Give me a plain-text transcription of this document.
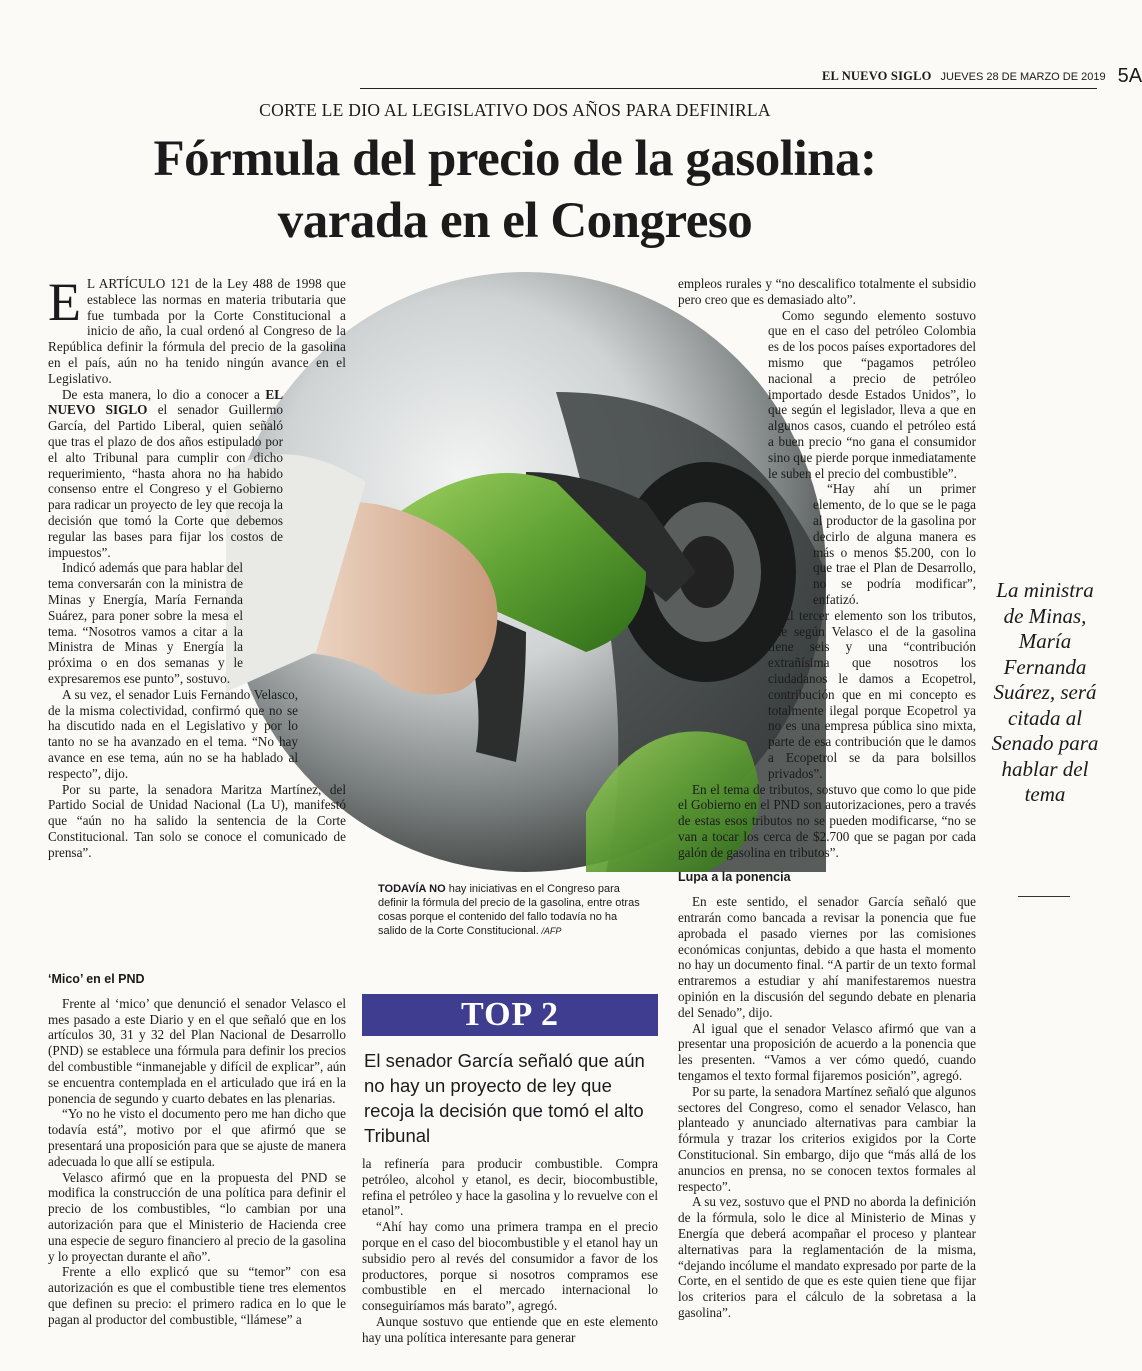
EL NUEVO SIGLO JUEVES 28 DE MARZO DE 2019 5A
CORTE LE DIO AL LEGISLATIVO DOS AÑOS PARA DEFINIRLA
Fórmula del precio de la gasolina:
varada en el Congreso
E L ARTÍCULO 121 de la Ley 488 de 1998 que establece las normas en materia tributaria que fue tumbada por la Corte Constitucional a inicio de año, la cual ordenó al Congreso de la República definir la fórmula del precio de la gasolina en el país, aún no ha tenido ningún avance en el Legislativo.

De esta manera, lo dio a conocer a EL NUEVO SIGLO el senador Guillermo García, del Partido Liberal, quien señaló que tras el plazo de dos años estipulado por el alto Tribunal para cumplir con dicho requerimiento, “hasta ahora no ha habido consenso entre el Congreso y el Gobierno para radicar un proyecto de ley que recoja la decisión que tomó la Corte que debemos regular las bases para fijar los costos de impuestos”.

Indicó además que para hablar del tema conversarán con la ministra de Minas y Energía, María Fernanda Suárez, para poner sobre la mesa el tema. “Nosotros vamos a citar a la Ministra de Minas y Energía la próxima o en dos semanas y le expresaremos ese punto”, sostuvo.

A su vez, el senador Luis Fernando Velasco, de la misma colectividad, confirmó que no se ha discutido nada en el Legislativo y por lo tanto no se ha avanzado en el tema. “No hay avance en ese tema, aún no se ha hablado al respecto”, dijo.

Por su parte, la senadora Maritza Martínez, del Partido Social de Unidad Nacional (La U), manifestó que “aún no ha salido la sentencia de la Corte Constitucional. Tan solo se conoce el comunicado de prensa”.

‘Mico’ en el PND

Frente al ‘mico’ que denunció el senador Velasco el mes pasado a este Diario y en el que señaló que en los artículos 30, 31 y 32 del Plan Nacional de Desarrollo (PND) se establece una fórmula para definir los precios del combustible “inmanejable y difícil de explicar”, aún se encuentra contemplada en el articulado que irá en la ponencia de segundo y cuarto debates en las plenarias.

“Yo no he visto el documento pero me han dicho que todavía está”, motivo por el que afirmó que se presentará una proposición para que se ajuste de manera adecuada lo que allí se estipula.

Velasco afirmó que en la propuesta del PND se modifica la construcción de una política para definir el precio de los combustibles, “lo cambian por una autorización para que el Ministerio de Hacienda cree una especie de seguro financiero al precio de la gasolina y lo proyectan durante el año”.

Frente a ello explicó que su “temor” con esa autorización es que el combustible tiene tres elementos que definen su precio: el primero radica en lo que le pagan al productor del combustible, “llámese” a

TODAVÍA NO hay iniciativas en el Congreso para definir la fórmula del precio de la gasolina, entre otras cosas porque el contenido del fallo todavía no ha salido de la Corte Constitucional. /AFP
TOP 2
El senador García señaló que aún no hay un proyecto de ley que recoja la decisión que tomó el alto Tribunal

la refinería para producir combustible. Compra petróleo, alcohol y etanol, es decir, biocombustible, refina el petróleo y hace la gasolina y lo revuelve con el etanol”.

“Ahí hay como una primera trampa en el precio porque en el caso del biocombustible y el etanol hay un subsidio pero al revés del consumidor a favor de los productores, porque si nosotros compramos ese combustible en el mercado internacional lo conseguiríamos más barato”, agregó.

Aunque sostuvo que entiende que en este elemento hay una política interesante para generar

empleos rurales y “no descalifico totalmente el subsidio pero creo que es demasiado alto”.

Como segundo elemento sostuvo que en el caso del petróleo Colombia es de los pocos países exportadores del mismo que “pagamos petróleo nacional a precio de petróleo importado desde Estados Unidos”, lo que según el legislador, lleva a que en algunos casos, cuando el petróleo está a buen precio “no gana el consumidor sino que pierde porque inmediatamente le suben el precio del combustible”.

“Hay ahí un primer elemento, de lo que se le paga al productor de la gasolina por decirlo de alguna manera es más o menos $5.200, con lo que trae el Plan de Desarrollo, no se podría modificar”, enfatizó.

El tercer elemento son los tributos, que según Velasco el de la gasolina tiene seis y una “contribución extrañísima que nosotros los ciudadanos le damos a Ecopetrol, contribución que en mi concepto es totalmente ilegal porque Ecopetrol ya no es una empresa pública sino mixta, parte de esa contribución que le damos a Ecopetrol se da para bolsillos privados”.

En el tema de tributos, sostuvo que como lo que pide el Gobierno en el PND son autorizaciones, pero a través de estas esos tributos no se pueden modificarse, “no se van a tocar los cerca de $2.700 que se pagan por cada galón de gasolina en tributos”.

Lupa a la ponencia

En este sentido, el senador García señaló que entrarán como bancada a revisar la ponencia que fue aprobada el pasado viernes por las comisiones económicas conjuntas, debido a que hasta el momento no hay un documento final. “A partir de un texto formal entraremos a estudiar y ahí manifestaremos nuestra opinión en la discusión del segundo debate en plenaria del Senado”, dijo.

Al igual que el senador Velasco afirmó que van a presentar una proposición de acuerdo a la ponencia que les presenten. “Vamos a ver cómo quedó, cuando tengamos el texto formal fijaremos posición”, agregó.

Por su parte, la senadora Martínez señaló que algunos sectores del Congreso, como el senador Velasco, han planteado y anunciado alternativas para cambiar la fórmula y trazar los criterios exigidos por la Corte Constitucional. Sin embargo, dijo que “más allá de los anuncios en prensa, no se conocen textos formales al respecto”.

A su vez, sostuvo que el PND no aborda la definición de la fórmula, solo le dice al Ministerio de Minas y Energía que deberá acompañar el proceso y plantear alternativas para la reglamentación de la misma, “dejando incólume el mandato expresado por parte de la Corte, en el sentido de que es este quien tiene que fijar los criterios para el cálculo de la sobretasa a la gasolina”.

La ministra de Minas, María Fernanda Suárez, será citada al Senado para hablar del tema
